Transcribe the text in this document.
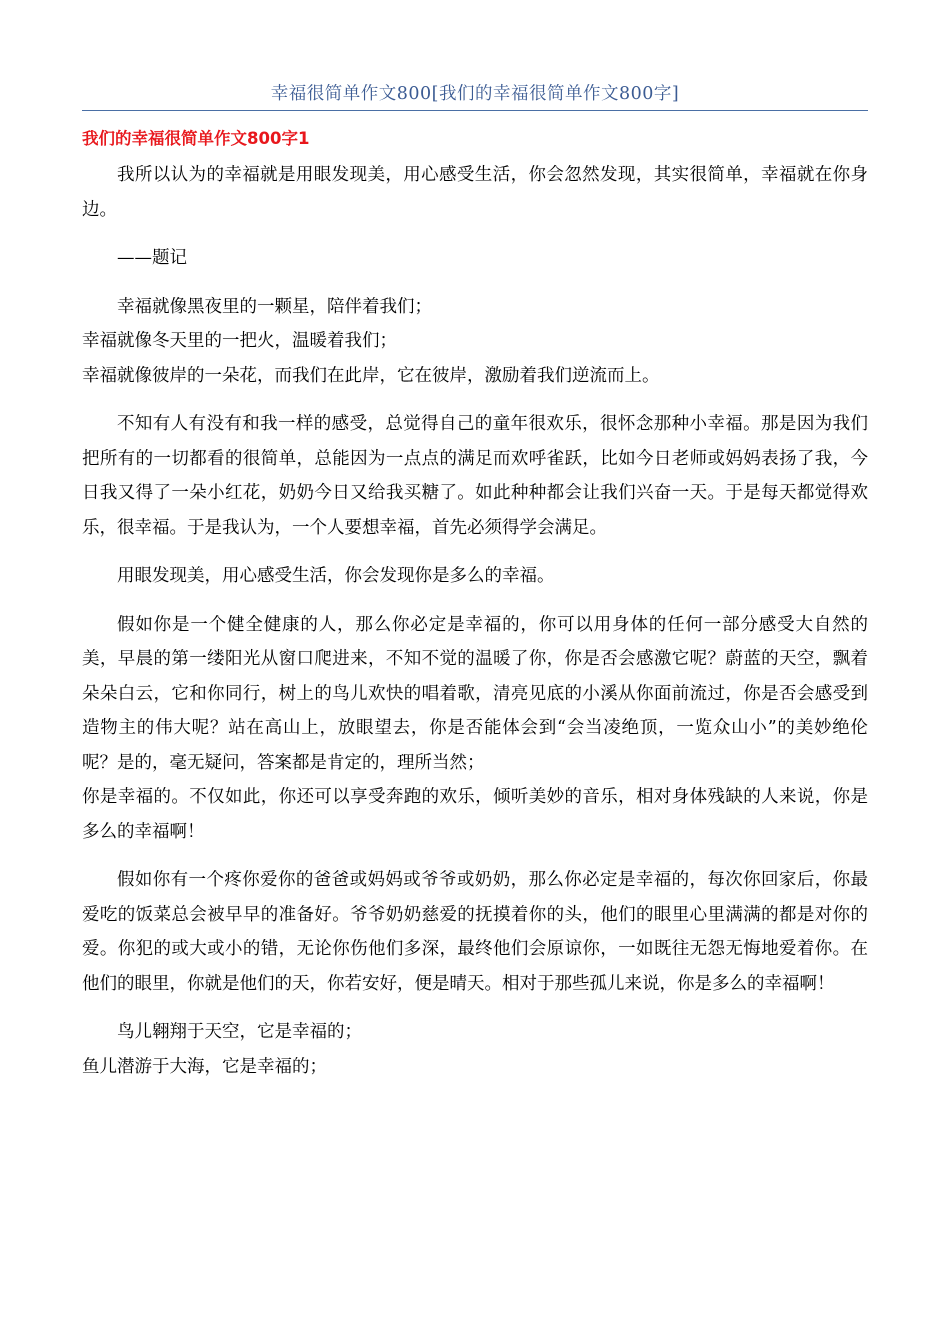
幸福很简单作文800[我们的幸福很简单作文800字]
我们的幸福很简单作文800字1

我所以认为的幸福就是用眼发现美，用心感受生活，你会忽然发现，其实很简单，幸福就在你身边。

——题记

幸福就像黑夜里的一颗星，陪伴着我们；

幸福就像冬天里的一把火，温暖着我们；

幸福就像彼岸的一朵花，而我们在此岸，它在彼岸，激励着我们逆流而上。

不知有人有没有和我一样的感受，总觉得自己的童年很欢乐，很怀念那种小幸福。那是因为我们把所有的一切都看的很简单，总能因为一点点的满足而欢呼雀跃，比如今日老师或妈妈表扬了我，今日我又得了一朵小红花，奶奶今日又给我买糖了。如此种种都会让我们兴奋一天。于是每天都觉得欢乐，很幸福。于是我认为，一个人要想幸福，首先必须得学会满足。

用眼发现美，用心感受生活，你会发现你是多么的幸福。

假如你是一个健全健康的人，那么你必定是幸福的，你可以用身体的任何一部分感受大自然的美，早晨的第一缕阳光从窗口爬进来，不知不觉的温暖了你，你是否会感激它呢？蔚蓝的天空，飘着朵朵白云，它和你同行，树上的鸟儿欢快的唱着歌，清亮见底的小溪从你面前流过，你是否会感受到造物主的伟大呢？站在高山上，放眼望去，你是否能体会到“会当凌绝顶，一览众山小”的美妙绝伦呢？是的，毫无疑问，答案都是肯定的，理所当然；

你是幸福的。不仅如此，你还可以享受奔跑的欢乐，倾听美妙的音乐，相对身体残缺的人来说，你是多么的幸福啊！

假如你有一个疼你爱你的爸爸或妈妈或爷爷或奶奶，那么你必定是幸福的，每次你回家后，你最爱吃的饭菜总会被早早的准备好。爷爷奶奶慈爱的抚摸着你的头，他们的眼里心里满满的都是对你的爱。你犯的或大或小的错，无论你伤他们多深，最终他们会原谅你，一如既往无怨无悔地爱着你。在他们的眼里，你就是他们的天，你若安好，便是晴天。相对于那些孤儿来说，你是多么的幸福啊！

鸟儿翱翔于天空，它是幸福的；

鱼儿潜游于大海，它是幸福的；
